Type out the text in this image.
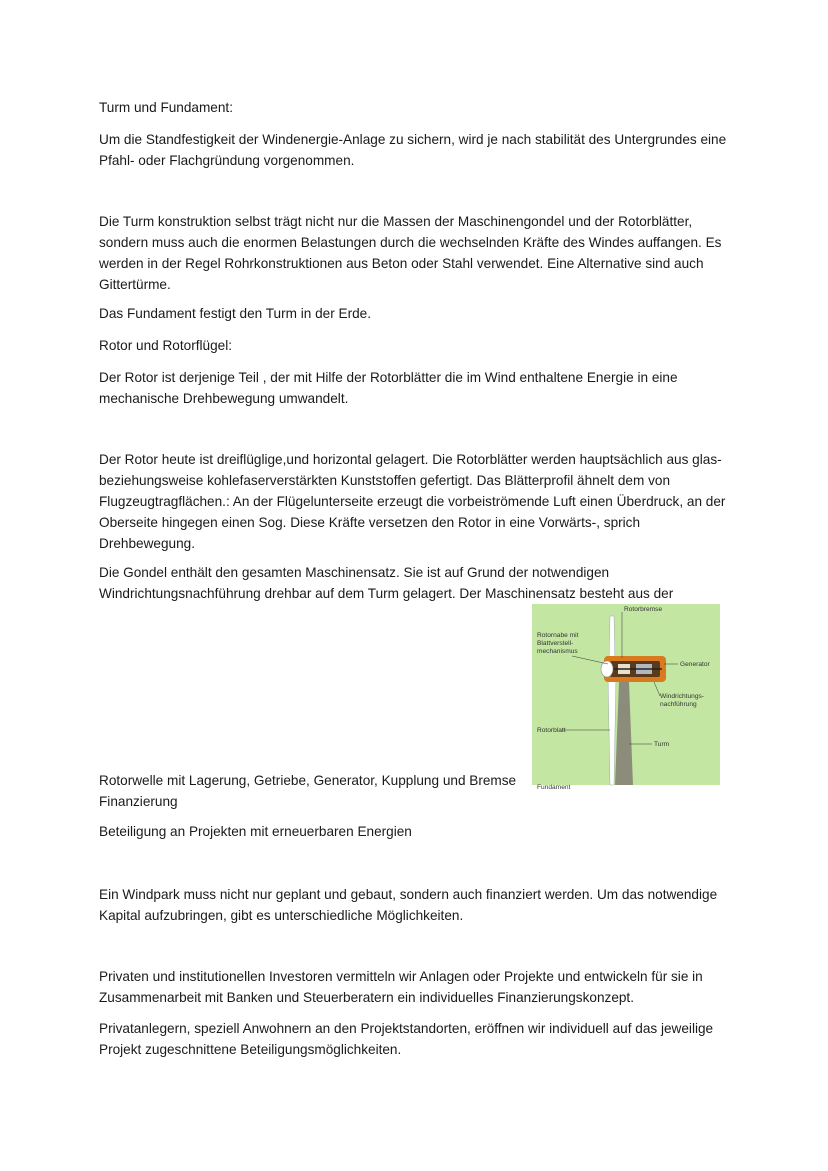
Turm und Fundament:

Um die Standfestigkeit der Windenergie-Anlage zu sichern, wird je nach stabilität des Untergrundes eine Pfahl- oder Flachgründung vorgenommen.

Die Turm konstruktion selbst trägt nicht nur die Massen der Maschinengondel und der Rotorblätter, sondern muss auch die enormen Belastungen durch die wechselnden Kräfte des Windes auffangen. Es werden in der Regel Rohrkonstruktionen aus Beton oder Stahl verwendet. Eine Alternative sind auch Gittertürme.

Das Fundament festigt den Turm in der Erde.

Rotor und Rotorflügel:

Der Rotor ist derjenige Teil , der mit Hilfe der Rotorblätter die im Wind enthaltene Energie in eine mechanische Drehbewegung umwandelt.

Der Rotor heute ist dreiflüglige,und horizontal gelagert. Die Rotorblätter werden hauptsächlich aus glas- beziehungsweise kohlefaserverstärkten Kunststoffen gefertigt. Das Blätterprofil ähnelt dem von Flugzeugtragflächen.: An der Flügelunterseite erzeugt die vorbeiströmende Luft einen Überdruck, an der Oberseite hingegen einen Sog. Diese Kräfte versetzen den Rotor in eine Vorwärts-, sprich Drehbewegung.

Die Gondel enthält den gesamten Maschinensatz. Sie ist auf Grund der notwendigen Windrichtungsnachführung drehbar auf dem Turm gelagert. Der Maschinensatz besteht aus der

Rotorbremse
Rotornabe mit
Blattverstell-
mechanismus
Generator
Windrichtungs-
nachführung
Rotorblatt
Turm
Fundament

Rotorwelle mit Lagerung, Getriebe, Generator, Kupplung und Bremse

Finanzierung

Beteiligung an Projekten mit erneuerbaren Energien

Ein Windpark muss nicht nur geplant und gebaut, sondern auch finanziert werden. Um das notwendige Kapital aufzubringen, gibt es unterschiedliche Möglichkeiten.

Privaten und institutionellen Investoren vermitteln wir Anlagen oder Projekte und entwickeln für sie in Zusammenarbeit mit Banken und Steuerberatern ein individuelles Finanzierungskonzept.

Privatanlegern, speziell Anwohnern an den Projektstandorten, eröffnen wir individuell auf das jeweilige Projekt zugeschnittene Beteiligungsmöglichkeiten.
